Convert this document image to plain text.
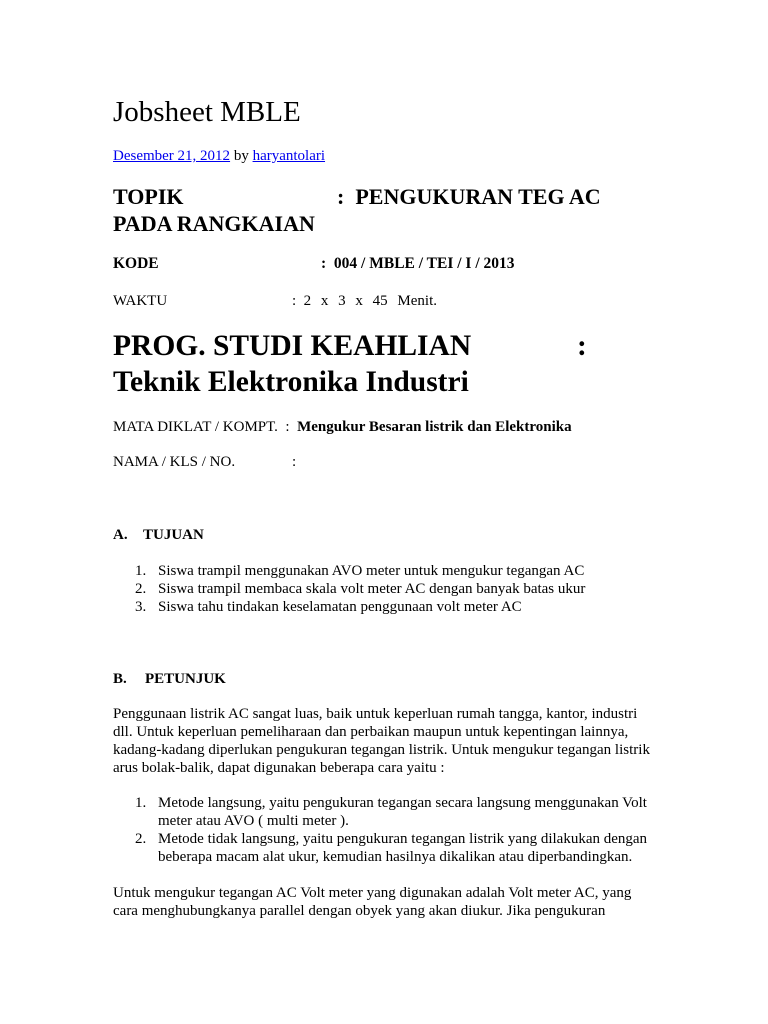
Jobsheet MBLE
Desember 21, 2012 by haryantolari
TOPIK	: PENGUKURAN TEG AC
PADA RANGKAIAN
KODE	: 004 / MBLE / TEI / I / 2013
WAKTU	: 2 x 3 x 45 Menit.
PROG. STUDI KEAHLIAN	:
Teknik Elektronika Industri
MATA DIKLAT / KOMPT. : Mengukur Besaran listrik dan Elektronika
NAMA / KLS / NO.	:
A. TUJUAN
1. Siswa trampil menggunakan AVO meter untuk mengukur tegangan AC
2. Siswa trampil membaca skala volt meter AC dengan banyak batas ukur
3. Siswa tahu tindakan keselamatan penggunaan volt meter AC
B. PETUNJUK
Penggunaan listrik AC sangat luas, baik untuk keperluan rumah tangga, kantor, industri
dll. Untuk keperluan pemeliharaan dan perbaikan maupun untuk kepentingan lainnya,
kadang-kadang diperlukan pengukuran tegangan listrik. Untuk mengukur tegangan listrik
arus bolak-balik, dapat digunakan beberapa cara yaitu :
1. Metode langsung, yaitu pengukuran tegangan secara langsung menggunakan Volt
meter atau AVO ( multi meter ).
2. Metode tidak langsung, yaitu pengukuran tegangan listrik yang dilakukan dengan
beberapa macam alat ukur, kemudian hasilnya dikalikan atau diperbandingkan.
Untuk mengukur tegangan AC Volt meter yang digunakan adalah Volt meter AC, yang
cara menghubungkanya parallel dengan obyek yang akan diukur. Jika pengukuran
